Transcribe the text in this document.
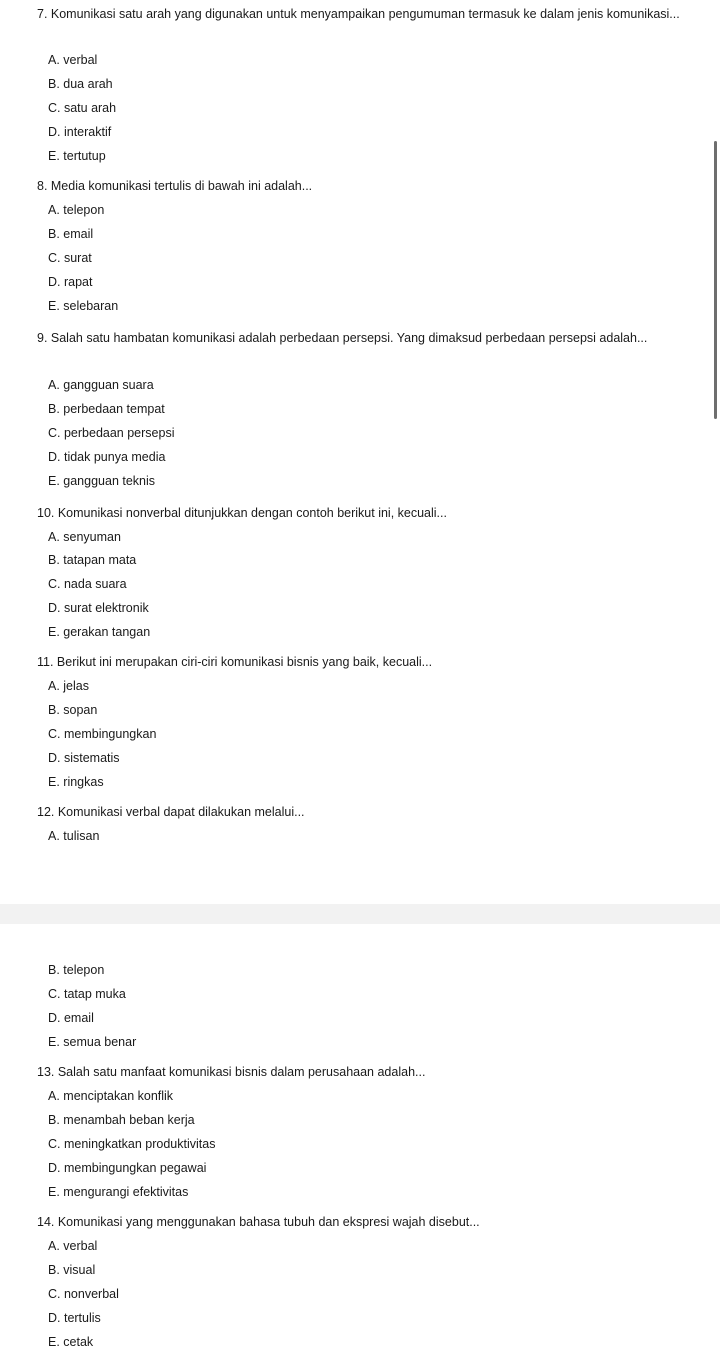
7. Komunikasi satu arah yang digunakan untuk menyampaikan pengumuman termasuk ke dalam jenis komunikasi...
A. verbal
B. dua arah
C. satu arah
D. interaktif
E. tertutup
8. Media komunikasi tertulis di bawah ini adalah...
A. telepon
B. email
C. surat
D. rapat
E. selebaran
9. Salah satu hambatan komunikasi adalah perbedaan persepsi. Yang dimaksud perbedaan persepsi adalah...
A. gangguan suara
B. perbedaan tempat
C. perbedaan persepsi
D. tidak punya media
E. gangguan teknis
10. Komunikasi nonverbal ditunjukkan dengan contoh berikut ini, kecuali...
A. senyuman
B. tatapan mata
C. nada suara
D. surat elektronik
E. gerakan tangan
11. Berikut ini merupakan ciri-ciri komunikasi bisnis yang baik, kecuali...
A. jelas
B. sopan
C. membingungkan
D. sistematis
E. ringkas
12. Komunikasi verbal dapat dilakukan melalui...
A. tulisan
B. telepon
C. tatap muka
D. email
E. semua benar
13. Salah satu manfaat komunikasi bisnis dalam perusahaan adalah...
A. menciptakan konflik
B. menambah beban kerja
C. meningkatkan produktivitas
D. membingungkan pegawai
E. mengurangi efektivitas
14. Komunikasi yang menggunakan bahasa tubuh dan ekspresi wajah disebut...
A. verbal
B. visual
C. nonverbal
D. tertulis
E. cetak
